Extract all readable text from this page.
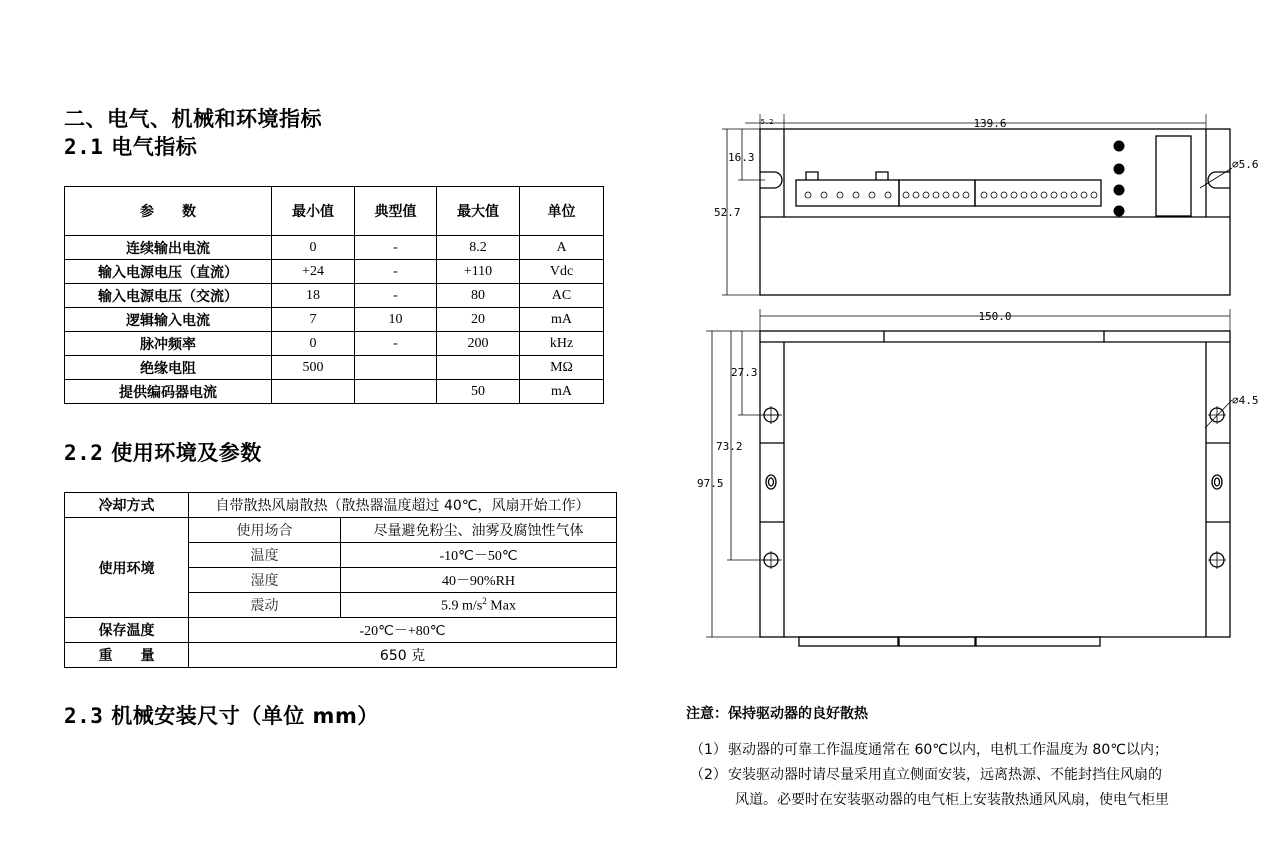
二、电气、机械和环境指标
2.1 电气指标
参　　数	最小值	典型值	最大值	单位
连续输出电流	0	-	8.2	A
输入电源电压（直流）	+24	-	+110	Vdc
输入电源电压（交流）	18	-	80	AC
逻辑输入电流	7	10	20	mA
脉冲频率	0	-	200	kHz
绝缘电阻	500			MΩ
提供编码器电流			50	mA
2.2 使用环境及参数
冷却方式	自带散热风扇散热（散热器温度超过 40℃，风扇开始工作）	
使用环境	使用场合	尽量避免粉尘、油雾及腐蚀性气体
	温度	-10℃－50℃
	湿度	40－90%RH
	震动	5.9 $m/s^2$ Max
保存温度	-20℃－+80℃	
重　　量	650 克	
2.3 机械安装尺寸（单位 mm）
139.6
5.2
16.3
52.7
⌀5.6
150.0
27.3
73.2
97.5
⌀4.5
注意：保持驱动器的良好散热
（1）驱动器的可靠工作温度通常在 60℃以内，电机工作温度为 80℃以内；
（2）安装驱动器时请尽量采用直立侧面安装，远离热源、不能封挡住风扇的
风道。必要时在安装驱动器的电气柜上安装散热通风风扇，使电气柜里
